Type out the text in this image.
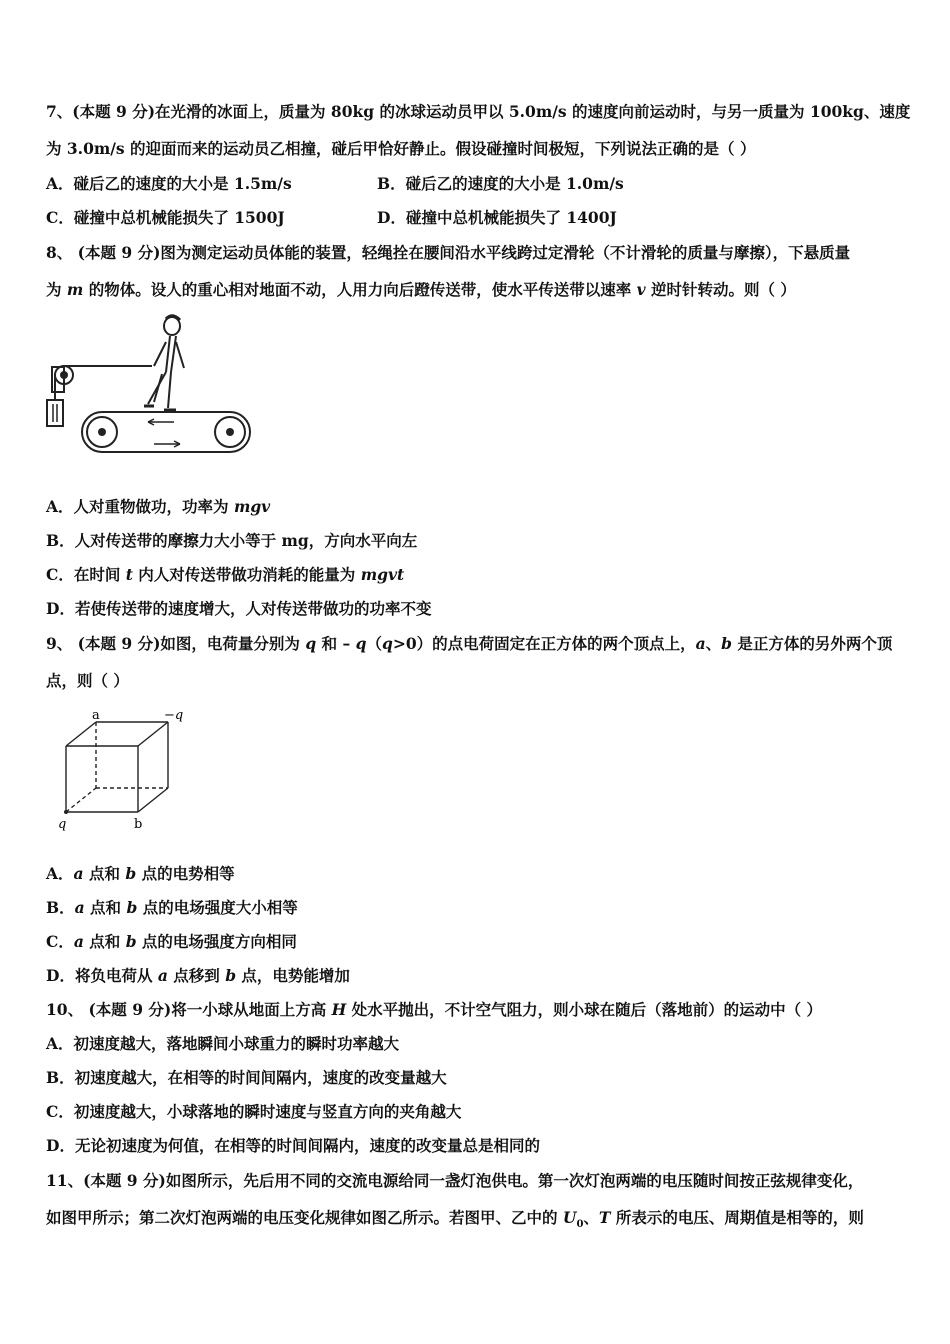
7、(本题 9 分)在光滑的冰面上，质量为 80kg 的冰球运动员甲以 5.0m/s 的速度向前运动时，与另一质量为 100kg、速度
为 3.0m/s 的迎面而来的运动员乙相撞，碰后甲恰好静止。假设碰撞时间极短，下列说法正确的是（ ）
A．碰后乙的速度的大小是 1.5m/s	B．碰后乙的速度的大小是 1.0m/s
C．碰撞中总机械能损失了 1500J	D．碰撞中总机械能损失了 1400J
8、 (本题 9 分)图为测定运动员体能的装置，轻绳拴在腰间沿水平线跨过定滑轮（不计滑轮的质量与摩擦），下悬质量
为 m 的物体。设人的重心相对地面不动，人用力向后蹬传送带，使水平传送带以速率 v 逆时针转动。则（ ）
A．人对重物做功，功率为 mgv
B．人对传送带的摩擦力大小等于 mg，方向水平向左
C．在时间 t 内人对传送带做功消耗的能量为 mgvt
D．若使传送带的速度增大，人对传送带做功的功率不变
9、 (本题 9 分)如图，电荷量分别为 q 和 – q（q>0）的点电荷固定在正方体的两个顶点上，a、b 是正方体的另外两个顶
点，则（ ）
a	−q
q	b
A．a 点和 b 点的电势相等
B．a 点和 b 点的电场强度大小相等
C．a 点和 b 点的电场强度方向相同
D．将负电荷从 a 点移到 b 点，电势能增加
10、 (本题 9 分)将一小球从地面上方高 H 处水平抛出，不计空气阻力，则小球在随后（落地前）的运动中（ ）
A．初速度越大，落地瞬间小球重力的瞬时功率越大
B．初速度越大，在相等的时间间隔内，速度的改变量越大
C．初速度越大，小球落地的瞬时速度与竖直方向的夹角越大
D．无论初速度为何值，在相等的时间间隔内，速度的改变量总是相同的
11、(本题 9 分)如图所示，先后用不同的交流电源给同一盏灯泡供电。第一次灯泡两端的电压随时间按正弦规律变化，
如图甲所示；第二次灯泡两端的电压变化规律如图乙所示。若图甲、乙中的 $U_0$、T 所表示的电压、周期值是相等的，则
